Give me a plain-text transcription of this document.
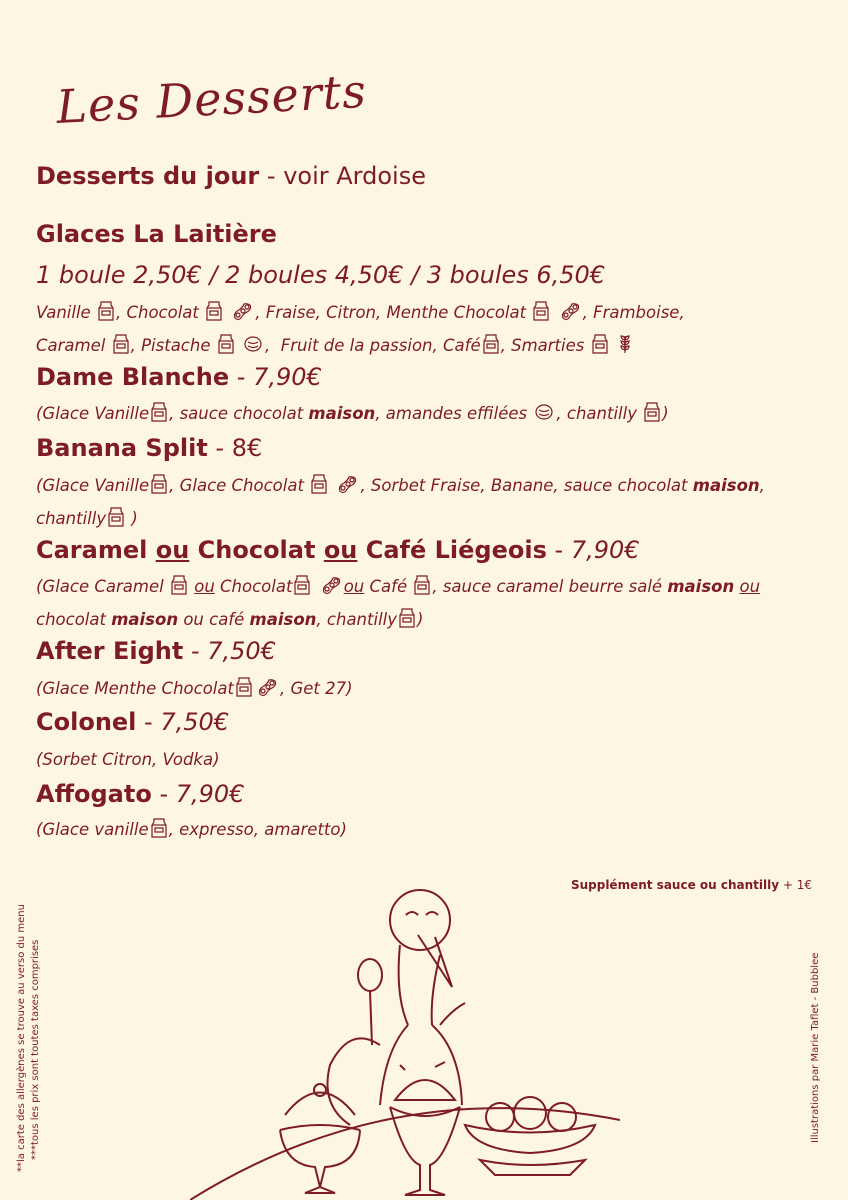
Les Desserts
Desserts du jour - voir Ardoise
Glaces La Laitière
1 boule 2,50€ / 2 boules 4,50€ / 3 boules 6,50€
Vanille , Chocolat	, Fraise, Citron, Menthe Chocolat	, Framboise,
Caramel , Pistache	,  Fruit de la passion, Café , Smarties
Dame Blanche - 7,90€
(Glace Vanille , sauce chocolat maison, amandes effilées , chantilly )
Banana Split - 8€
(Glace Vanille , Glace Chocolat	, Sorbet Fraise, Banane, sauce chocolat maison,
chantilly )
Caramel ou Chocolat ou Café Liégeois - 7,90€
(Glace Caramel  ou Chocolat	ou Café , sauce caramel beurre salé maison ou
chocolat maison ou café maison, chantilly )
After Eight - 7,50€
(Glace Menthe Chocolat	, Get 27)
Colonel - 7,50€
(Sorbet Citron, Vodka)
Affogato - 7,90€
(Glace vanille , expresso, amaretto)
Supplément sauce ou chantilly + 1€
**la carte des allergènes se trouve au verso du menu ***tous les prix sont toutes taxes comprises	Illustrations par Marie Taflet - Bubblee
